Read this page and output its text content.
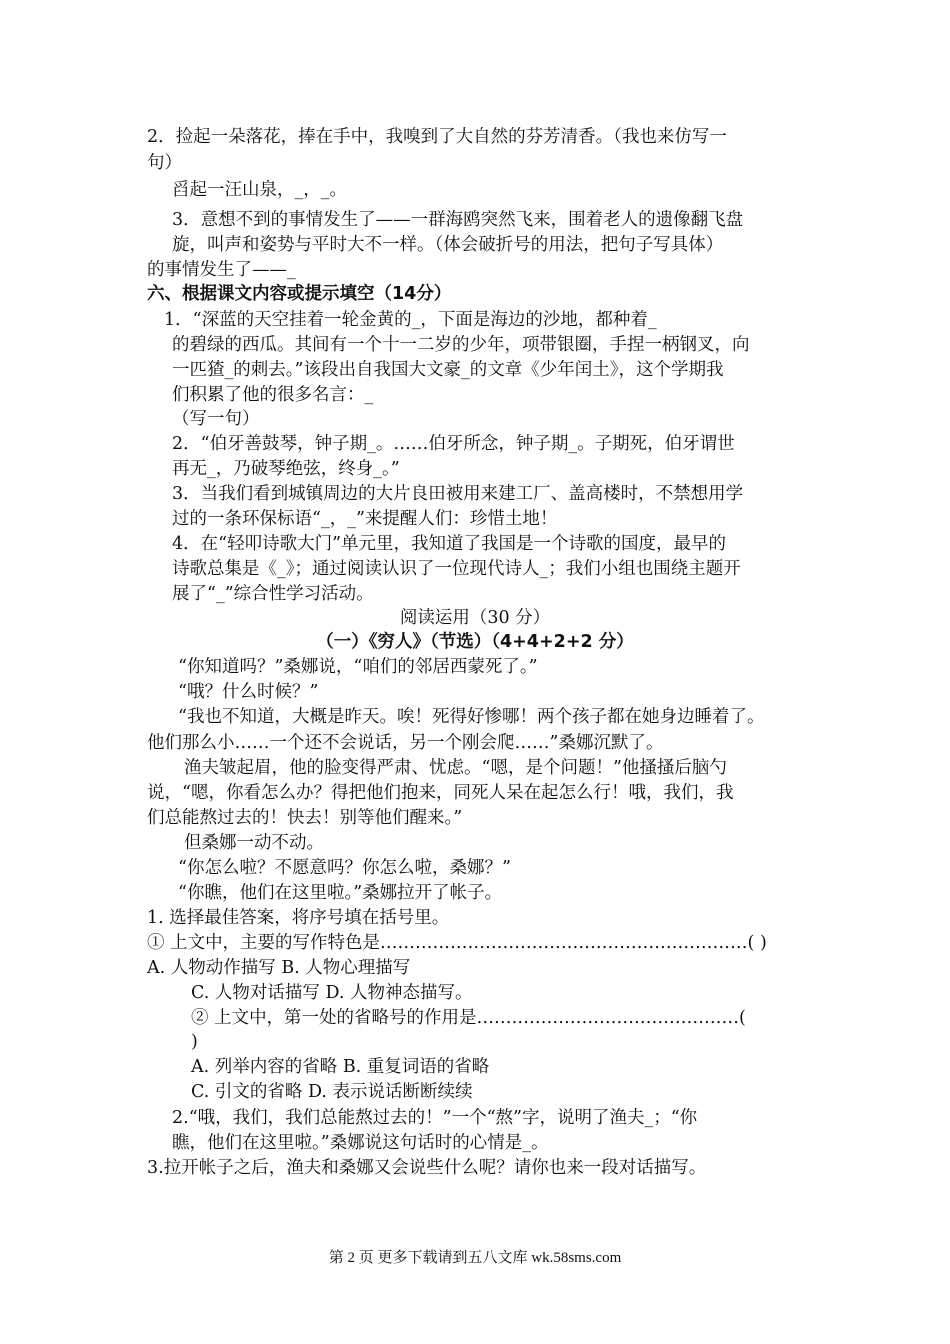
2．捡起一朵落花，捧在手中，我嗅到了大自然的芬芳清香。（我也来仿写一
句）
舀起一汪山泉，_，_。
3．意想不到的事情发生了——一群海鸥突然飞来，围着老人的遗像翻飞盘
旋，叫声和姿势与平时大不一样。（体会破折号的用法，把句子写具体）
的事情发生了——_
六、根据课文内容或提示填空（14分）
1．“深蓝的天空挂着一轮金黄的_，下面是海边的沙地，都种着_
的碧绿的西瓜。其间有一个十一二岁的少年，项带银圈，手捏一柄钢叉，向
一匹猹_的刺去。”该段出自我国大文豪_的文章《少年闰土》，这个学期我
们积累了他的很多名言：_
（写一句）
2．“伯牙善鼓琴，钟子期_。……伯牙所念，钟子期_。子期死，伯牙谓世
再无_，乃破琴绝弦，终身_。”
3．当我们看到城镇周边的大片良田被用来建工厂、盖高楼时，不禁想用学
过的一条环保标语“_，_”来提醒人们：珍惜土地！
4．在“轻叩诗歌大门”单元里，我知道了我国是一个诗歌的国度，最早的
诗歌总集是《_》；通过阅读认识了一位现代诗人_；我们小组也围绕主题开
展了“_”综合性学习活动。
阅读运用（30 分）
（一）《穷人》（节选）（4+4+2+2 分）
“你知道吗？”桑娜说，“咱们的邻居西蒙死了。”
“哦？什么时候？”
“我也不知道，大概是昨天。唉！死得好惨哪！两个孩子都在她身边睡着了。
他们那么小……一个还不会说话，另一个刚会爬……”桑娜沉默了。
渔夫皱起眉，他的脸变得严肃、忧虑。“嗯，是个问题！”他搔搔后脑勺
说，“嗯，你看怎么办？得把他们抱来，同死人呆在起怎么行！哦，我们，我
们总能熬过去的！快去！别等他们醒来。”
但桑娜一动不动。
“你怎么啦？不愿意吗？你怎么啦，桑娜？”
“你瞧，他们在这里啦。”桑娜拉开了帐子。
1. 选择最佳答案，将序号填在括号里。
① 上文中，主要的写作特色是………………………………………………………( )
A. 人物动作描写 B. 人物心理描写
C. 人物对话描写 D. 人物神态描写。
② 上文中，第一处的省略号的作用是………………………………………(
)
A. 列举内容的省略 B. 重复词语的省略
C. 引文的省略 D. 表示说话断断续续
2.“哦，我们，我们总能熬过去的！”一个“熬”字，说明了渔夫_；“你
瞧，他们在这里啦。”桑娜说这句话时的心情是_。
3.拉开帐子之后，渔夫和桑娜又会说些什么呢？请你也来一段对话描写。
第 2 页 更多下载请到五八文库 wk.58sms.com
